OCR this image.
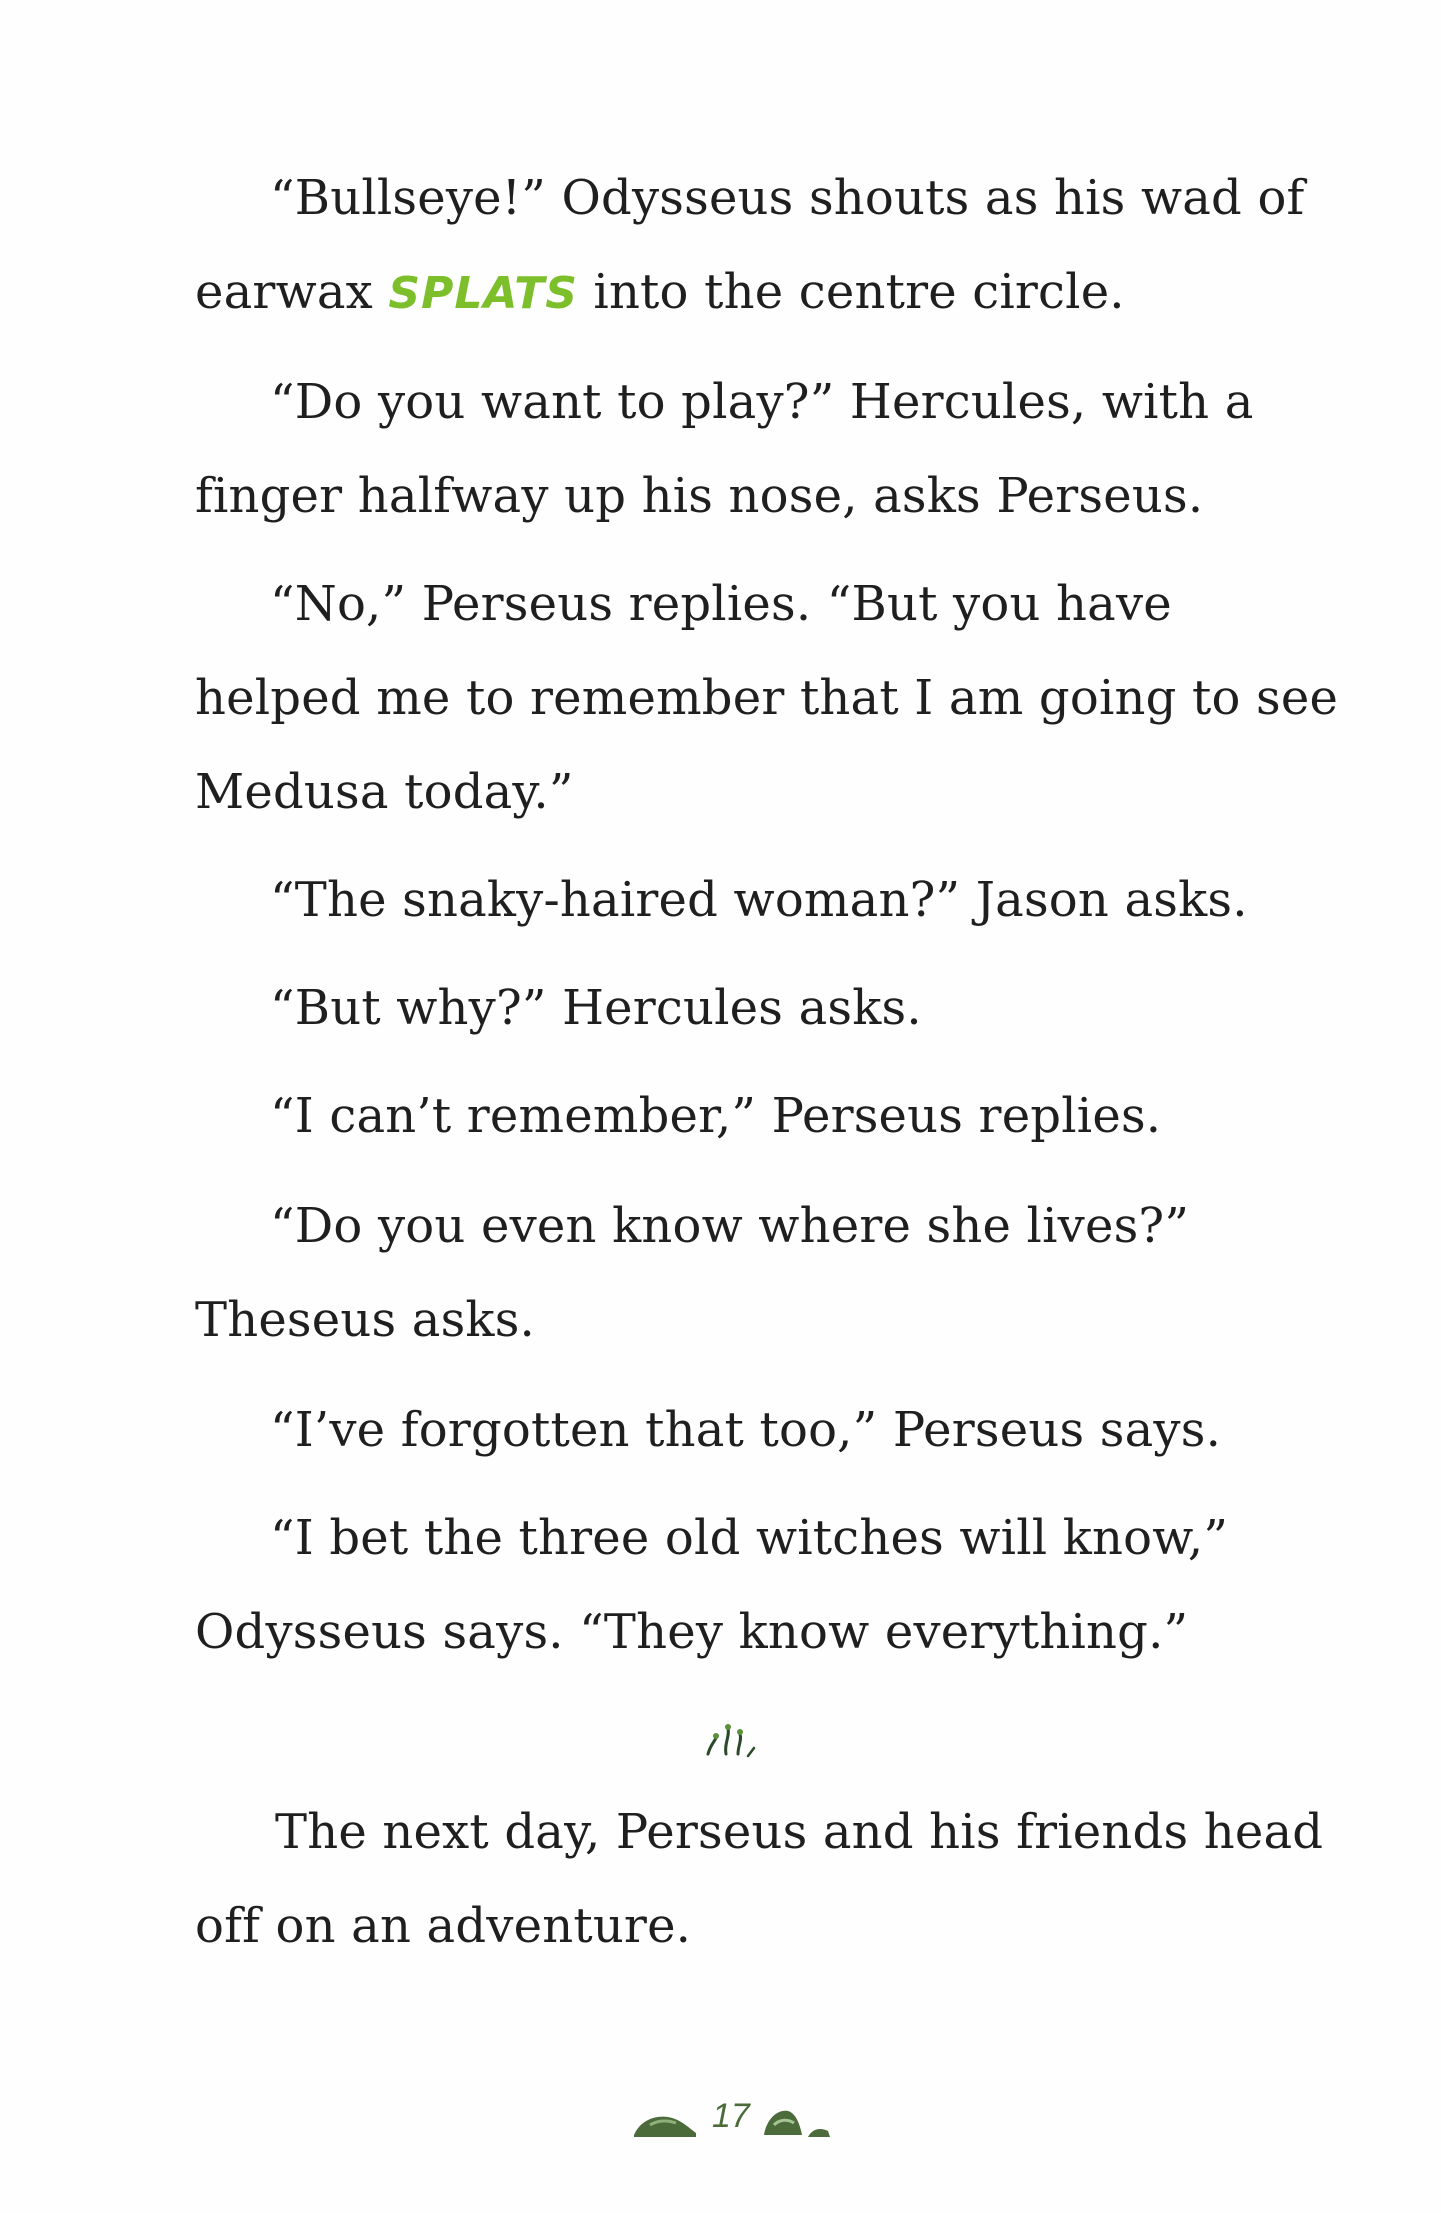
“Bullseye!” Odysseus shouts as his wad of
earwax SPLATS into the centre circle.
“Do you want to play?” Hercules, with a
finger halfway up his nose, asks Perseus.
“No,” Perseus replies. “But you have
helped me to remember that I am going to see
Medusa today.”
“The snaky-haired woman?” Jason asks.
“But why?” Hercules asks.
“I can’t remember,” Perseus replies.
“Do you even know where she lives?”
Theseus asks.
“I’ve forgotten that too,” Perseus says.
“I bet the three old witches will know,”
Odysseus says. “They know everything.”
The next day, Perseus and his friends head
off on an adventure.
17
